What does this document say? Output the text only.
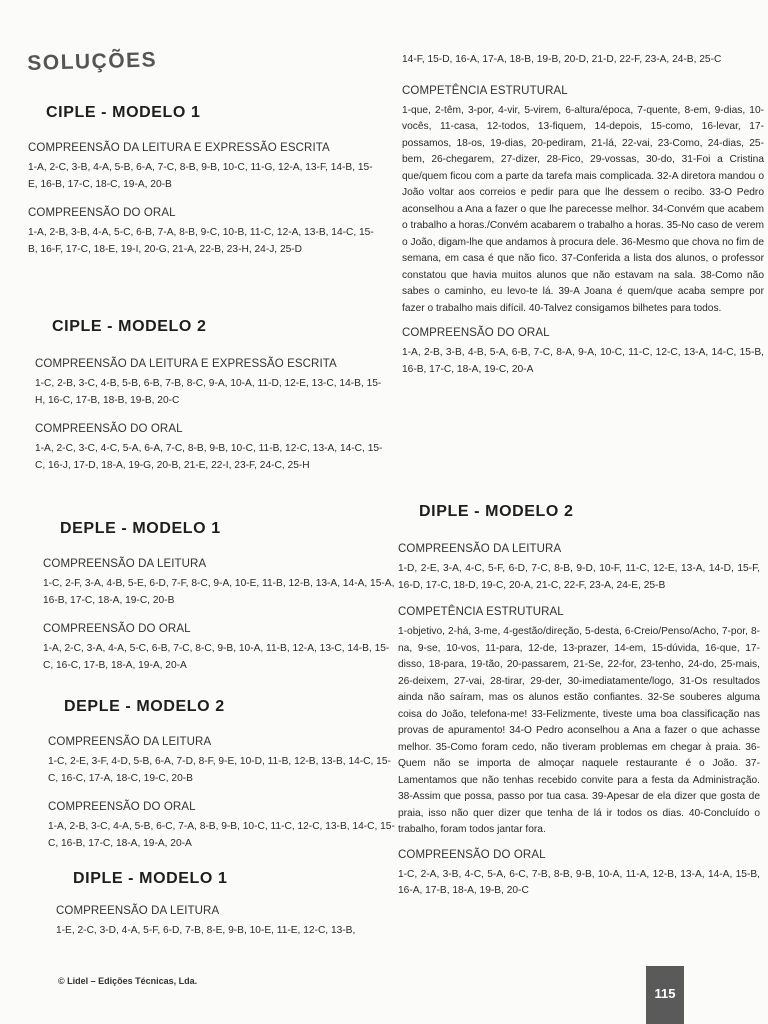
SOLUÇÕES
CIPLE - MODELO 1
COMPREENSÃO DA LEITURA E EXPRESSÃO ESCRITA
1-A, 2-C, 3-B, 4-A, 5-B, 6-A, 7-C, 8-B, 9-B, 10-C, 11-G, 12-A, 13-F, 14-B, 15-E, 16-B, 17-C, 18-C, 19-A, 20-B
COMPREENSÃO DO ORAL
1-A, 2-B, 3-B, 4-A, 5-C, 6-B, 7-A, 8-B, 9-C, 10-B, 11-C, 12-A, 13-B, 14-C, 15-B, 16-F, 17-C, 18-E, 19-I, 20-G, 21-A, 22-B, 23-H, 24-J, 25-D
CIPLE - MODELO 2
COMPREENSÃO DA LEITURA E EXPRESSÃO ESCRITA
1-C, 2-B, 3-C, 4-B, 5-B, 6-B, 7-B, 8-C, 9-A, 10-A, 11-D, 12-E, 13-C, 14-B, 15-H, 16-C, 17-B, 18-B, 19-B, 20-C
COMPREENSÃO DO ORAL
1-A, 2-C, 3-C, 4-C, 5-A, 6-A, 7-C, 8-B, 9-B, 10-C, 11-B, 12-C, 13-A, 14-C, 15-C, 16-J, 17-D, 18-A, 19-G, 20-B, 21-E, 22-I, 23-F, 24-C, 25-H
DEPLE - MODELO 1
COMPREENSÃO DA LEITURA
1-C, 2-F, 3-A, 4-B, 5-E, 6-D, 7-F, 8-C, 9-A, 10-E, 11-B, 12-B, 13-A, 14-A, 15-A, 16-B, 17-C, 18-A, 19-C, 20-B
COMPREENSÃO DO ORAL
1-A, 2-C, 3-A, 4-A, 5-C, 6-B, 7-C, 8-C, 9-B, 10-A, 11-B, 12-A, 13-C, 14-B, 15-C, 16-C, 17-B, 18-A, 19-A, 20-A
DEPLE - MODELO 2
COMPREENSÃO DA LEITURA
1-C, 2-E, 3-F, 4-D, 5-B, 6-A, 7-D, 8-F, 9-E, 10-D, 11-B, 12-B, 13-B, 14-C, 15-C, 16-C, 17-A, 18-C, 19-C, 20-B
COMPREENSÃO DO ORAL
1-A, 2-B, 3-C, 4-A, 5-B, 6-C, 7-A, 8-B, 9-B, 10-C, 11-C, 12-C, 13-B, 14-C, 15-C, 16-B, 17-C, 18-A, 19-A, 20-A
DIPLE - MODELO 1
COMPREENSÃO DA LEITURA
1-E, 2-C, 3-D, 4-A, 5-F, 6-D, 7-B, 8-E, 9-B, 10-E, 11-E, 12-C, 13-B,
14-F, 15-D, 16-A, 17-A, 18-B, 19-B, 20-D, 21-D, 22-F, 23-A, 24-B, 25-C
COMPETÊNCIA ESTRUTURAL
1-que, 2-têm, 3-por, 4-vir, 5-virem, 6-altura/época, 7-quente, 8-em, 9-dias, 10-vocês, 11-casa, 12-todos, 13-fiquem, 14-depois, 15-como, 16-levar, 17-possamos, 18-os, 19-dias, 20-pediram, 21-lá, 22-vai, 23-Como, 24-dias, 25-bem, 26-chegarem, 27-dizer, 28-Fico, 29-vossas, 30-do, 31-Foi a Cristina que/quem ficou com a parte da tarefa mais complicada. 32-A diretora mandou o João voltar aos correios e pedir para que lhe dessem o recibo. 33-O Pedro aconselhou a Ana a fazer o que lhe parecesse melhor. 34-Convém que acabem o trabalho a horas./Convém acabarem o trabalho a horas. 35-No caso de verem o João, digam-lhe que andamos à procura dele. 36-Mesmo que chova no fim de semana, em casa é que não fico. 37-Conferida a lista dos alunos, o professor constatou que havia muitos alunos que não estavam na sala. 38-Como não sabes o caminho, eu levo-te lá. 39-A Joana é quem/que acaba sempre por fazer o trabalho mais difícil. 40-Talvez consigamos bilhetes para todos.
COMPREENSÃO DO ORAL
1-A, 2-B, 3-B, 4-B, 5-A, 6-B, 7-C, 8-A, 9-A, 10-C, 11-C, 12-C, 13-A, 14-C, 15-B, 16-B, 17-C, 18-A, 19-C, 20-A
DIPLE - MODELO 2
COMPREENSÃO DA LEITURA
1-D, 2-E, 3-A, 4-C, 5-F, 6-D, 7-C, 8-B, 9-D, 10-F, 11-C, 12-E, 13-A, 14-D, 15-F, 16-D, 17-C, 18-D, 19-C, 20-A, 21-C, 22-F, 23-A, 24-E, 25-B
COMPETÊNCIA ESTRUTURAL
1-objetivo, 2-há, 3-me, 4-gestão/direção, 5-desta, 6-Creio/Penso/Acho, 7-por, 8-na, 9-se, 10-vos, 11-para, 12-de, 13-prazer, 14-em, 15-dúvida, 16-que, 17-disso, 18-para, 19-tão, 20-passarem, 21-Se, 22-for, 23-tenho, 24-do, 25-mais, 26-deixem, 27-vai, 28-tirar, 29-der, 30-imediatamente/logo, 31-Os resultados ainda não saíram, mas os alunos estão confiantes. 32-Se souberes alguma coisa do João, telefona-me! 33-Felizmente, tiveste uma boa classificação nas provas de apuramento! 34-O Pedro aconselhou a Ana a fazer o que achasse melhor. 35-Como foram cedo, não tiveram problemas em chegar à praia. 36-Quem não se importa de almoçar naquele restaurante é o João. 37-Lamentamos que não tenhas recebido convite para a festa da Administração. 38-Assim que possa, passo por tua casa. 39-Apesar de ela dizer que gosta de praia, isso não quer dizer que tenha de lá ir todos os dias. 40-Concluído o trabalho, foram todos jantar fora.
COMPREENSÃO DO ORAL
1-C, 2-A, 3-B, 4-C, 5-A, 6-C, 7-B, 8-B, 9-B, 10-A, 11-A, 12-B, 13-A, 14-A, 15-B, 16-A, 17-B, 18-A, 19-B, 20-C
© Lidel – Edições Técnicas, Lda.
115
